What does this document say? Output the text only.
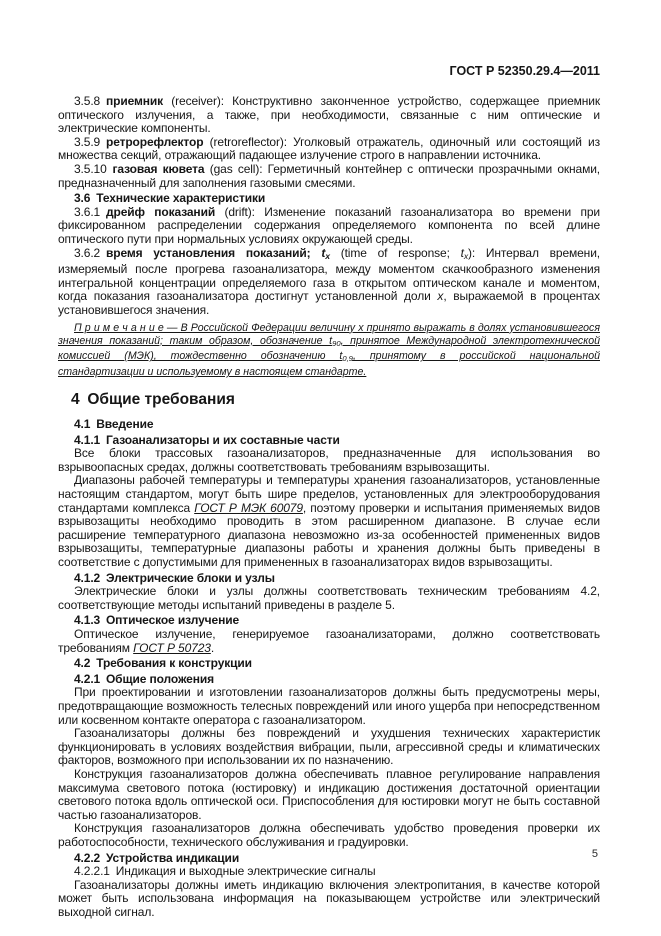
ГОСТ Р 52350.29.4—2011

3.5.8 приемник (receiver): Конструктивно законченное устройство, содержащее приемник оптического излучения, а также, при необходимости, связанные с ним оптические и электрические компоненты.

3.5.9 ретрорефлектор (retroreflector): Уголковый отражатель, одиночный или состоящий из множества секций, отражающий падающее излучение строго в направлении источника.

3.5.10 газовая кювета (gas cell): Герметичный контейнер с оптически прозрачными окнами, предназначенный для заполнения газовыми смесями.

3.6 Технические характеристики

3.6.1 дрейф показаний (drift): Изменение показаний газоанализатора во времени при фиксированном распределении содержания определяемого компонента по всей длине оптического пути при нормальных условиях окружающей среды.

3.6.2 время установления показаний; tx (time of response; tx): Интервал времени, измеряемый после прогрева газоанализатора, между моментом скачкообразного изменения интегральной концентрации определяемого газа в открытом оптическом канале и моментом, когда показания газоанализатора достигнут установленной доли x, выражаемой в процентах установившегося значения.

П р и м е ч а н и е — В Российской Федерации величину x принято выражать в долях установившегося значения показаний; таким образом, обозначение $t_{90}$, принятое Международной электротехнической комиссией (МЭК), тождественно обозначению $t_{0,9}$, принятому в российской национальной стандартизации и используемому в настоящем стандарте.

4 Общие требования

4.1 Введение

4.1.1 Газоанализаторы и их составные части

Все блоки трассовых газоанализаторов, предназначенные для использования во взрывоопасных средах, должны соответствовать требованиям взрывозащиты.

Диапазоны рабочей температуры и температуры хранения газоанализаторов, установленные настоящим стандартом, могут быть шире пределов, установленных для электрооборудования стандартами комплекса ГОСТ Р МЭК 60079, поэтому проверки и испытания применяемых видов взрывозащиты необходимо проводить в этом расширенном диапазоне. В случае если расширение температурного диапазона невозможно из-за особенностей примененных видов взрывозащиты, температурные диапазоны работы и хранения должны быть приведены в соответствие с допустимыми для примененных в газоанализаторах видов взрывозащиты.

4.1.2 Электрические блоки и узлы

Электрические блоки и узлы должны соответствовать техническим требованиям 4.2, соответствующие методы испытаний приведены в разделе 5.

4.1.3 Оптическое излучение

Оптическое излучение, генерируемое газоанализаторами, должно соответствовать требованиям ГОСТ Р 50723.

4.2 Требования к конструкции

4.2.1 Общие положения

При проектировании и изготовлении газоанализаторов должны быть предусмотрены меры, предотвращающие возможность телесных повреждений или иного ущерба при непосредственном или косвенном контакте оператора с газоанализатором.

Газоанализаторы должны без повреждений и ухудшения технических характеристик функционировать в условиях воздействия вибрации, пыли, агрессивной среды и климатических факторов, возможного при использовании их по назначению.

Конструкция газоанализаторов должна обеспечивать плавное регулирование направления максимума светового потока (юстировку) и индикацию достижения достаточной ориентации светового потока вдоль оптической оси. Приспособления для юстировки могут не быть составной частью газоанализаторов.

Конструкция газоанализаторов должна обеспечивать удобство проведения проверки их работоспособности, технического обслуживания и градуировки.

4.2.2 Устройства индикации

4.2.2.1 Индикация и выходные электрические сигналы

Газоанализаторы должны иметь индикацию включения электропитания, в качестве которой может быть использована информация на показывающем устройстве или электрический выходной сигнал.

5
